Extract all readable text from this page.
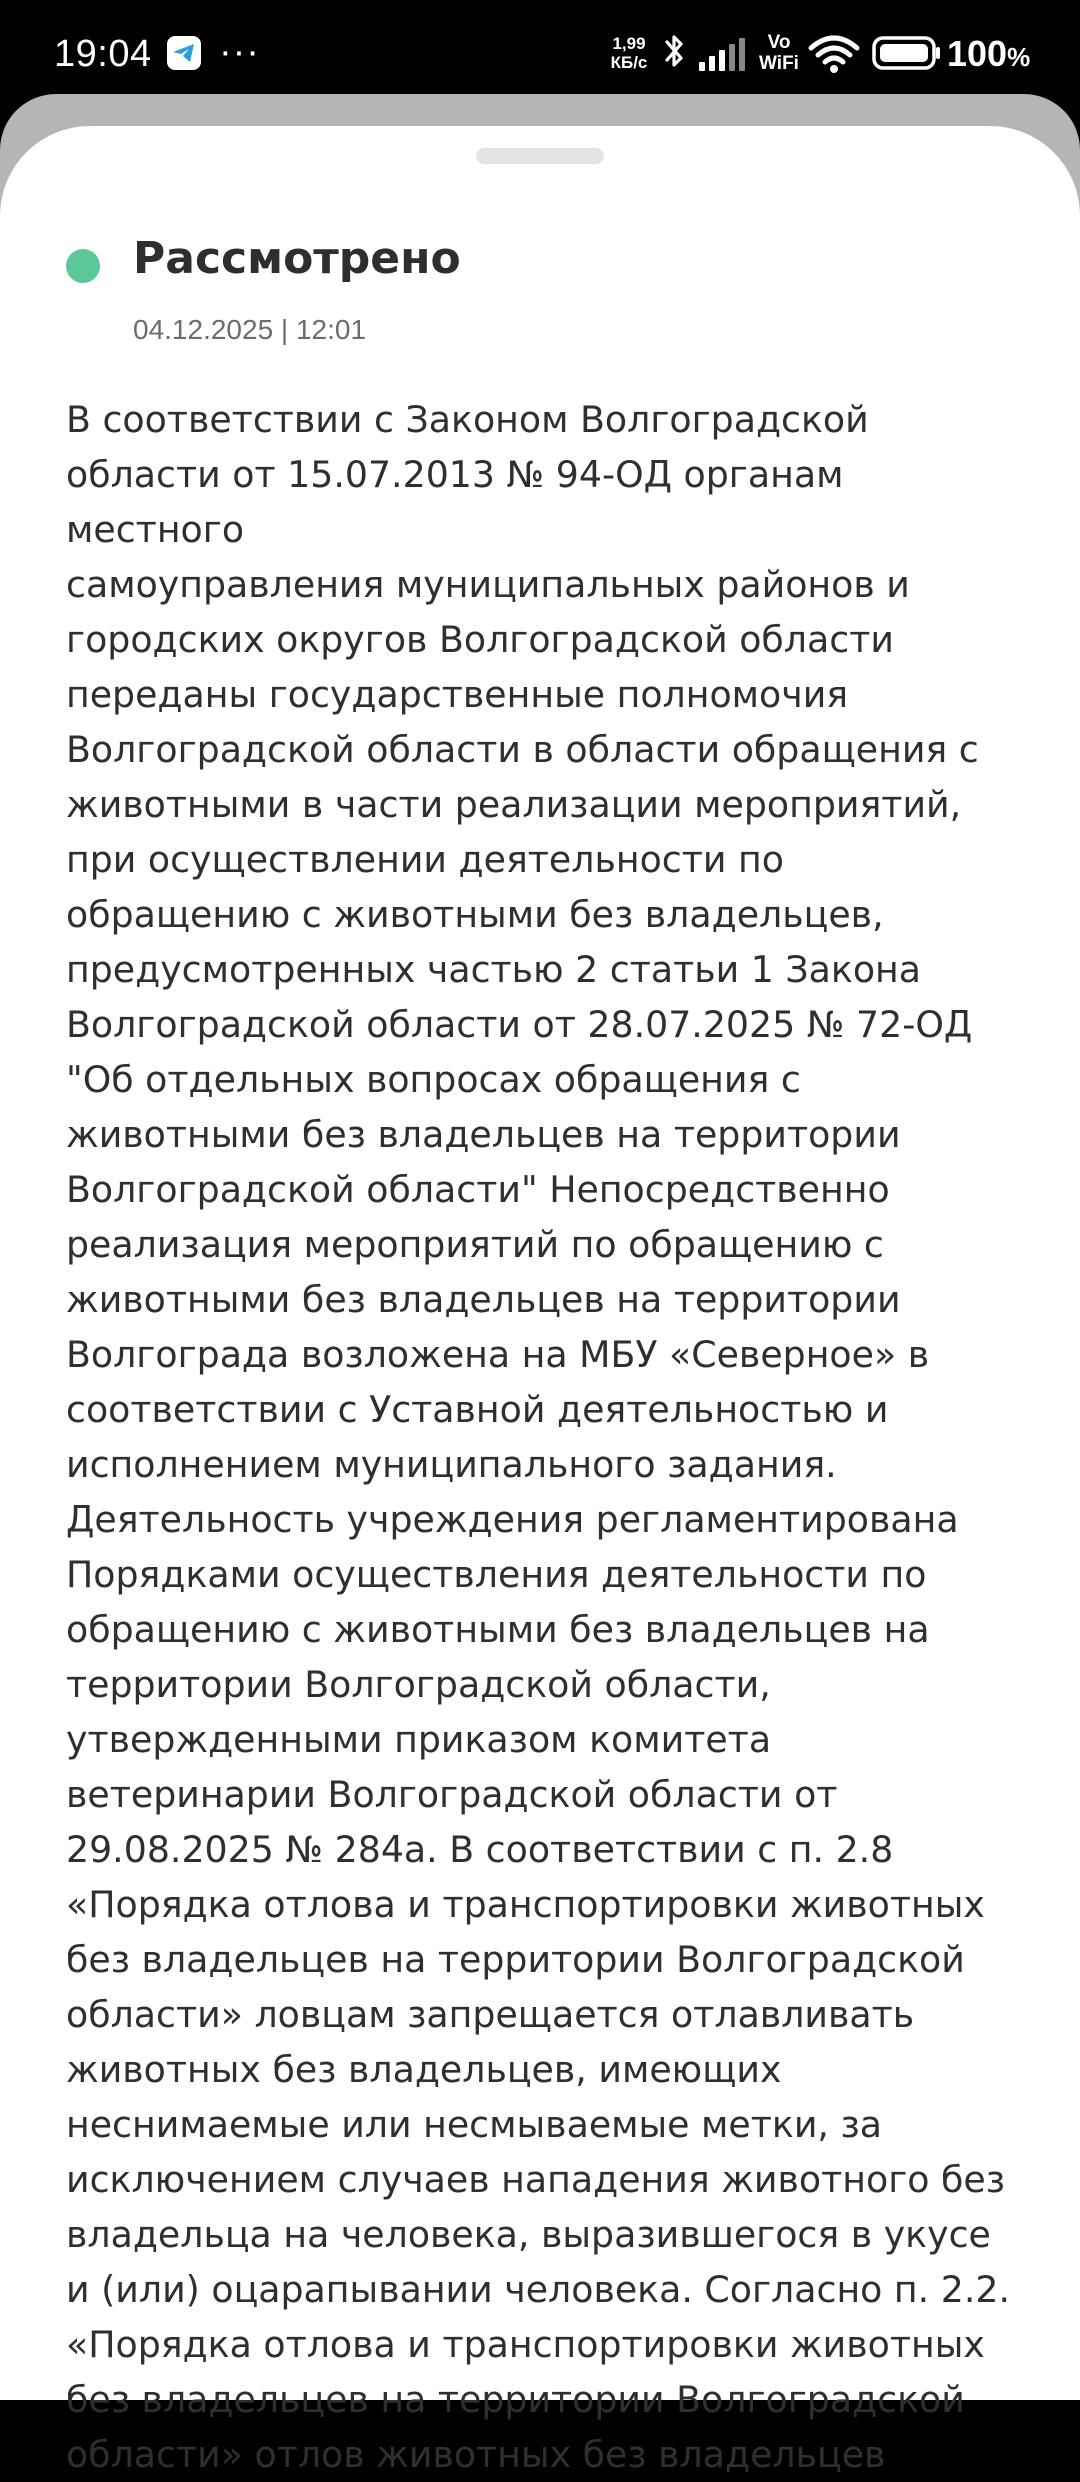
19:04 ···	1,99
КБ/с
Vo
WiFi	100%
Рассмотрено
04.12.2025 | 12:01

В соответствии с Законом Волгоградской
области от 15.07.2013 № 94-ОД органам местного
самоуправления муниципальных районов и
городских округов Волгоградской области
переданы государственные полномочия
Волгоградской области в области обращения с
животными в части реализации мероприятий,
при осуществлении деятельности по
обращению с животными без владельцев,
предусмотренных частью 2 статьи 1 Закона
Волгоградской области от 28.07.2025 № 72-ОД
"Об отдельных вопросах обращения с
животными без владельцев на территории
Волгоградской области" Непосредственно
реализация мероприятий по обращению с
животными без владельцев на территории
Волгограда возложена на МБУ «Северное» в
соответствии с Уставной деятельностью и
исполнением муниципального задания.
Деятельность учреждения регламентирована
Порядками осуществления деятельности по
обращению с животными без владельцев на
территории Волгоградской области,
утвержденными приказом комитета
ветеринарии Волгоградской области от
29.08.2025 № 284а. В соответствии с п. 2.8
«Порядка отлова и транспортировки животных
без владельцев на территории Волгоградской
области» ловцам запрещается отлавливать
животных без владельцев, имеющих
неснимаемые или несмываемые метки, за
исключением случаев нападения животного без
владельца на человека, выразившегося в укусе
и (или) оцарапывании человека. Согласно п. 2.2.
«Порядка отлова и транспортировки животных
без владельцев на территории Волгоградской
области» отлов животных без владельцев
